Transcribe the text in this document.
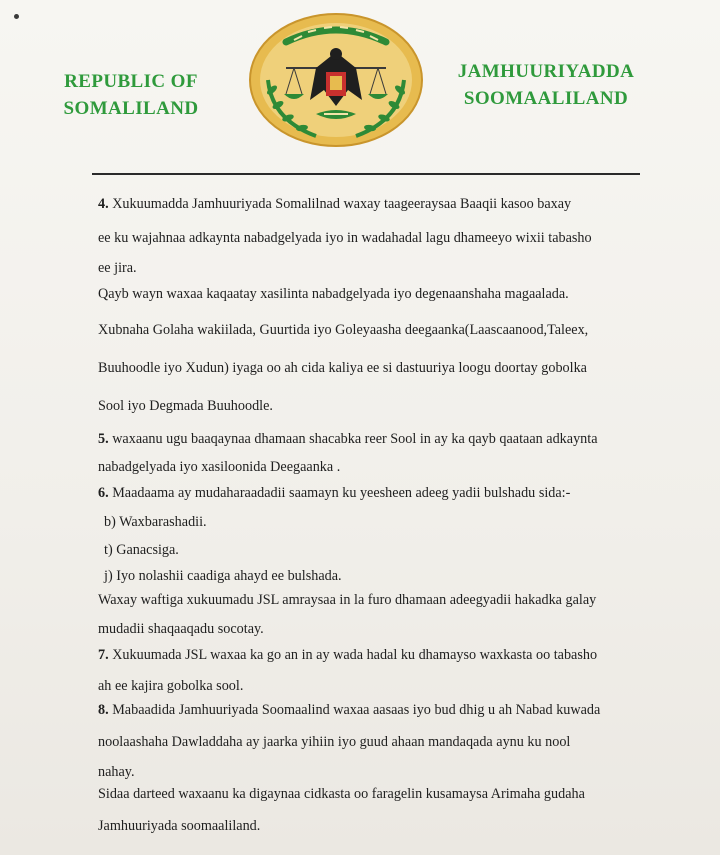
REPUBLIC OF
SOMALILAND
JAMHUURIYADDA
SOOMAALILAND
4. Xukuumadda Jamhuuriyada Somalilnad waxay taageeraysaa Baaqii kasoo baxay
ee ku wajahnaa adkaynta nabadgelyada iyo in wadahadal lagu dhameeyo wixii tabasho
ee jira.
Qayb wayn waxaa kaqaatay xasilinta nabadgelyada iyo degenaanshaha magaalada.
Xubnaha Golaha wakiilada, Guurtida iyo Goleyaasha deegaanka(Laascaanood,Taleex,
Buuhoodle iyo Xudun) iyaga oo ah cida kaliya ee si dastuuriya loogu doortay gobolka
Sool iyo Degmada Buuhoodle.
5. waxaanu ugu baaqaynaa dhamaan shacabka reer Sool in ay ka qayb qaataan adkaynta
nabadgelyada iyo xasiloonida Deegaanka .
6. Maadaama ay mudaharaadadii saamayn ku yeesheen adeeg yadii bulshadu sida:-
b) Waxbarashadii.
t) Ganacsiga.
j) Iyo nolashii caadiga ahayd ee bulshada.
Waxay waftiga xukuumadu JSL amraysaa in la furo dhamaan adeegyadii hakadka galay
mudadii shaqaaqadu socotay.
7. Xukuumada JSL waxaa ka go an in ay wada hadal ku dhamayso waxkasta oo tabasho
ah ee kajira gobolka sool.
8. Mabaadida Jamhuuriyada Soomaalind waxaa aasaas iyo bud dhig u ah Nabad kuwada
noolaashaha Dawladdaha ay jaarka yihiin iyo guud ahaan mandaqada aynu ku nool
nahay.
Sidaa darteed waxaanu ka digaynaa cidkasta oo faragelin kusamaysa Arimaha gudaha
Jamhuuriyada soomaaliland.
